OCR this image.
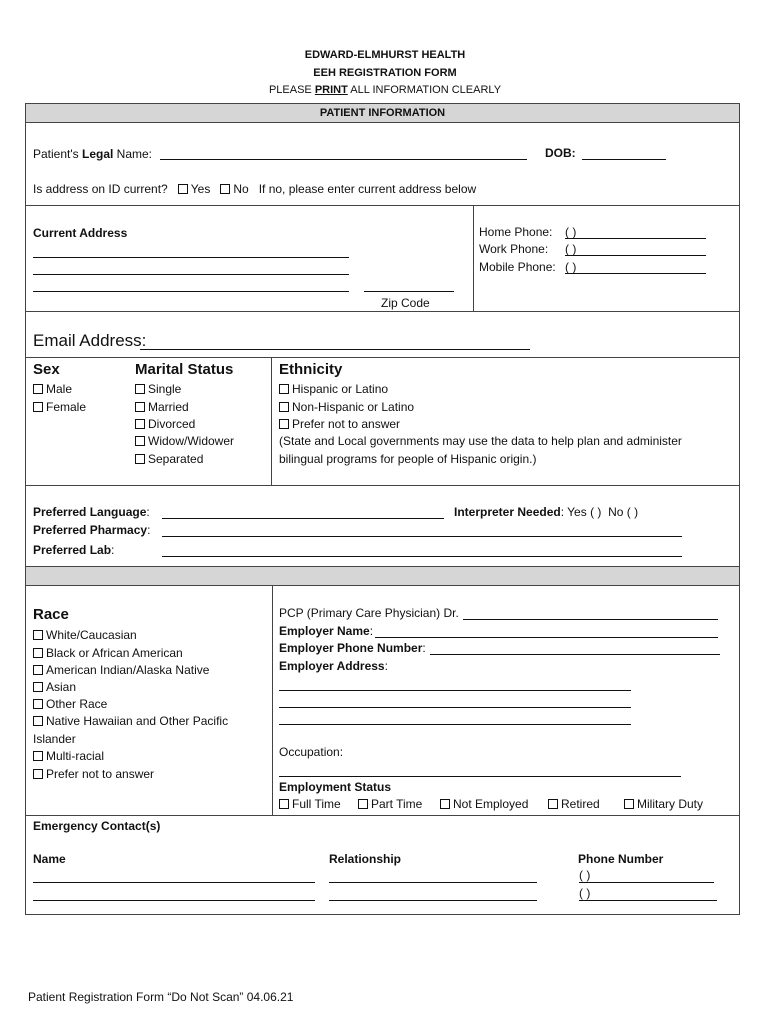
EDWARD-ELMHURST HEALTH
EEH REGISTRATION FORM
PLEASE PRINT ALL INFORMATION CLEARLY
PATIENT INFORMATION
Patient's Legal Name:	DOB:
Is address on ID current? Yes No If no, please enter current address below
Current Address
Zip Code
Home Phone:
Work Phone:
Mobile Phone:
( )
( )
( )
Email Address:
Sex
Male
Female
Marital Status
Single
Married
Divorced
Widow/Widower
Separated
Ethnicity
Hispanic or Latino
Non-Hispanic or Latino
Prefer not to answer
(State and Local governments may use the data to help plan and administer
bilingual programs for people of Hispanic origin.)
Preferred Language:	Interpreter Needed: Yes ( ) No ( )
Preferred Pharmacy:
Preferred Lab:
Race
White/Caucasian
Black or African American
American Indian/Alaska Native
Asian
Other Race
Native Hawaiian and Other Pacific
Islander
Multi-racial
Prefer not to answer
PCP (Primary Care Physician) Dr.
Employer Name:
Employer Phone Number:
Employer Address:
Occupation:
Employment Status
Full Time	Part Time	Not Employed	Retired	Military Duty
Emergency Contact(s)
Name	Relationship	Phone Number
( )
( )
Patient Registration Form “Do Not Scan” 04.06.21
